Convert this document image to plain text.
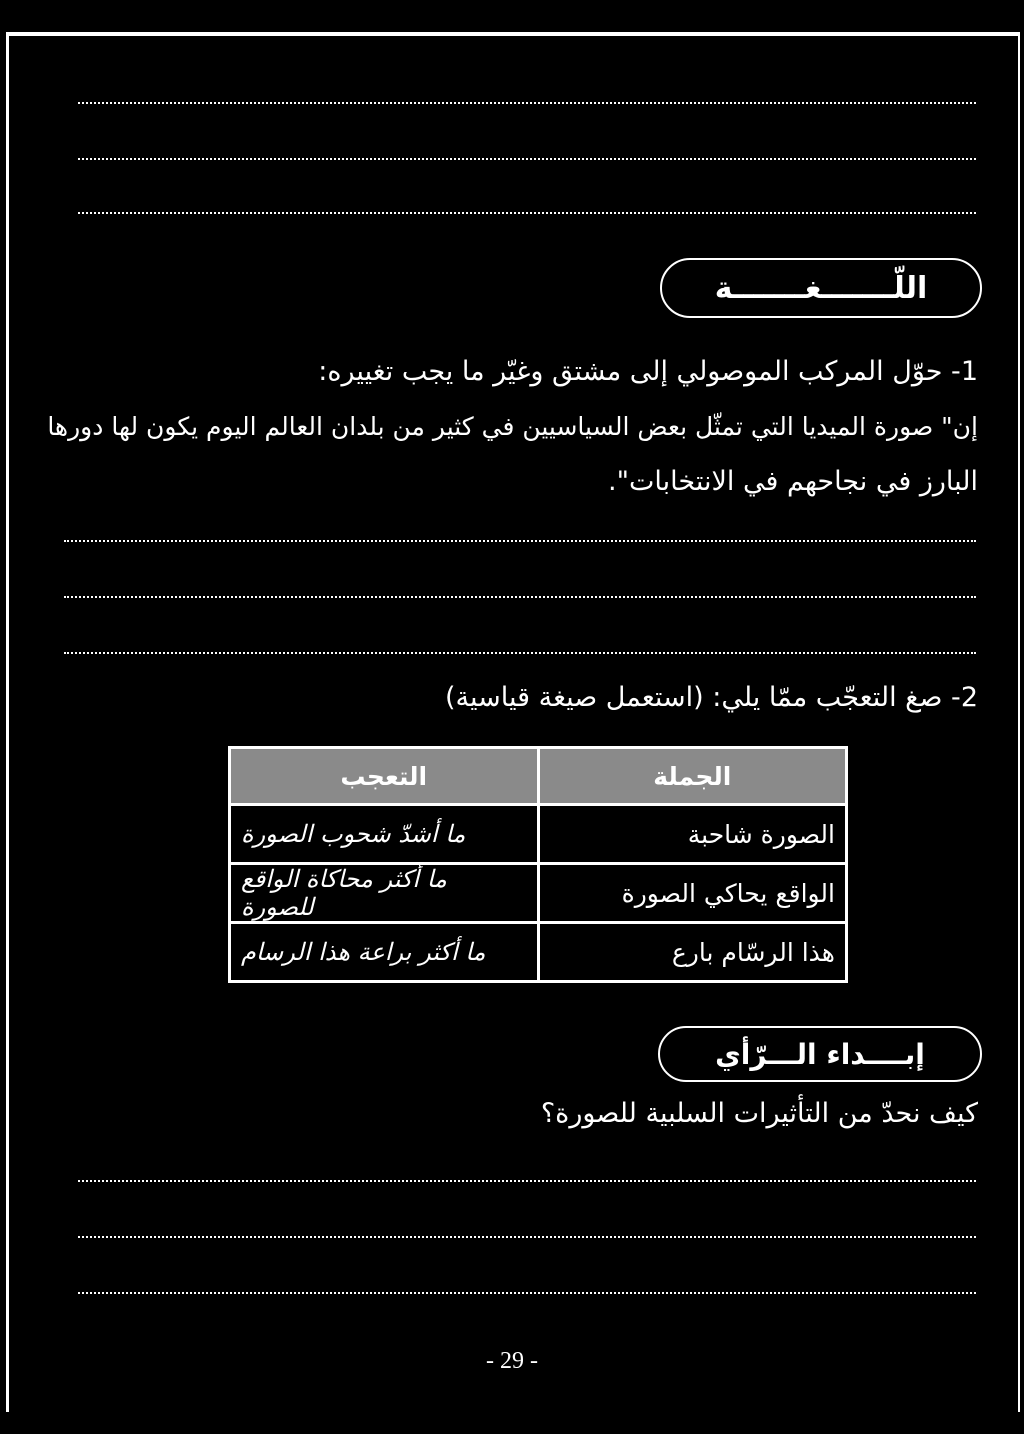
اللّـــــــغـــــــة
1- حوّل المركب الموصولي إلى مشتق وغيّر ما يجب تغييره:
إن" صورة الميديا التي تمثّل بعض السياسيين في كثير من بلدان العالم اليوم يكون لها دورها
البارز في نجاحهم في الانتخابات".
2- صغ التعجّب ممّا يلي: (استعمل صيغة قياسية)
الجملة	التعجب
الصورة شاحبة	ما أشدّ شحوب الصورة
الواقع يحاكي الصورة	ما أكثر محاكاة الواقع للصورة
هذا الرسّام بارع	ما أكثر براعة هذا الرسام
إبــــداء الـــرّأي
كيف نحدّ من التأثيرات السلبية للصورة؟
- 29 -
